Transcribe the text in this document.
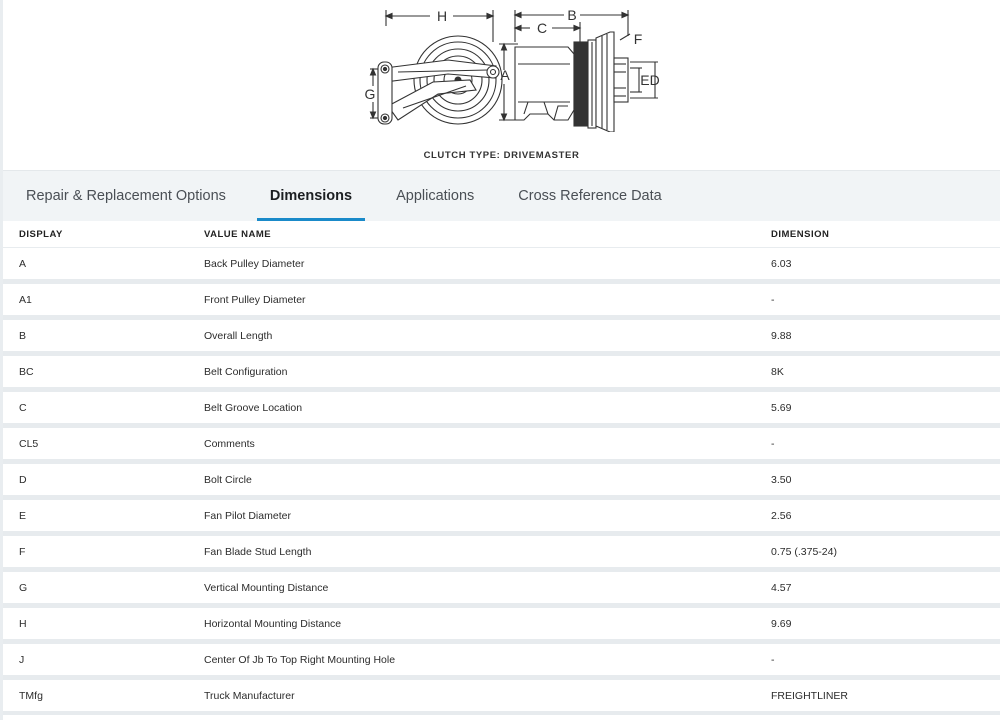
H
G
B
C
A
F
ED
CLUTCH TYPE: DRIVEMASTER
Repair & Replacement Options	Dimensions	Applications	Cross Reference Data
DISPLAY	VALUE NAME	DIMENSION
A	Back Pulley Diameter	6.03
A1	Front Pulley Diameter	-
B	Overall Length	9.88
BC	Belt Configuration	8K
C	Belt Groove Location	5.69
CL5	Comments	-
D	Bolt Circle	3.50
E	Fan Pilot Diameter	2.56
F	Fan Blade Stud Length	0.75 (.375-24)
G	Vertical Mounting Distance	4.57
H	Horizontal Mounting Distance	9.69
J	Center Of Jb To Top Right Mounting Hole	-
TMfg	Truck Manufacturer	FREIGHTLINER
